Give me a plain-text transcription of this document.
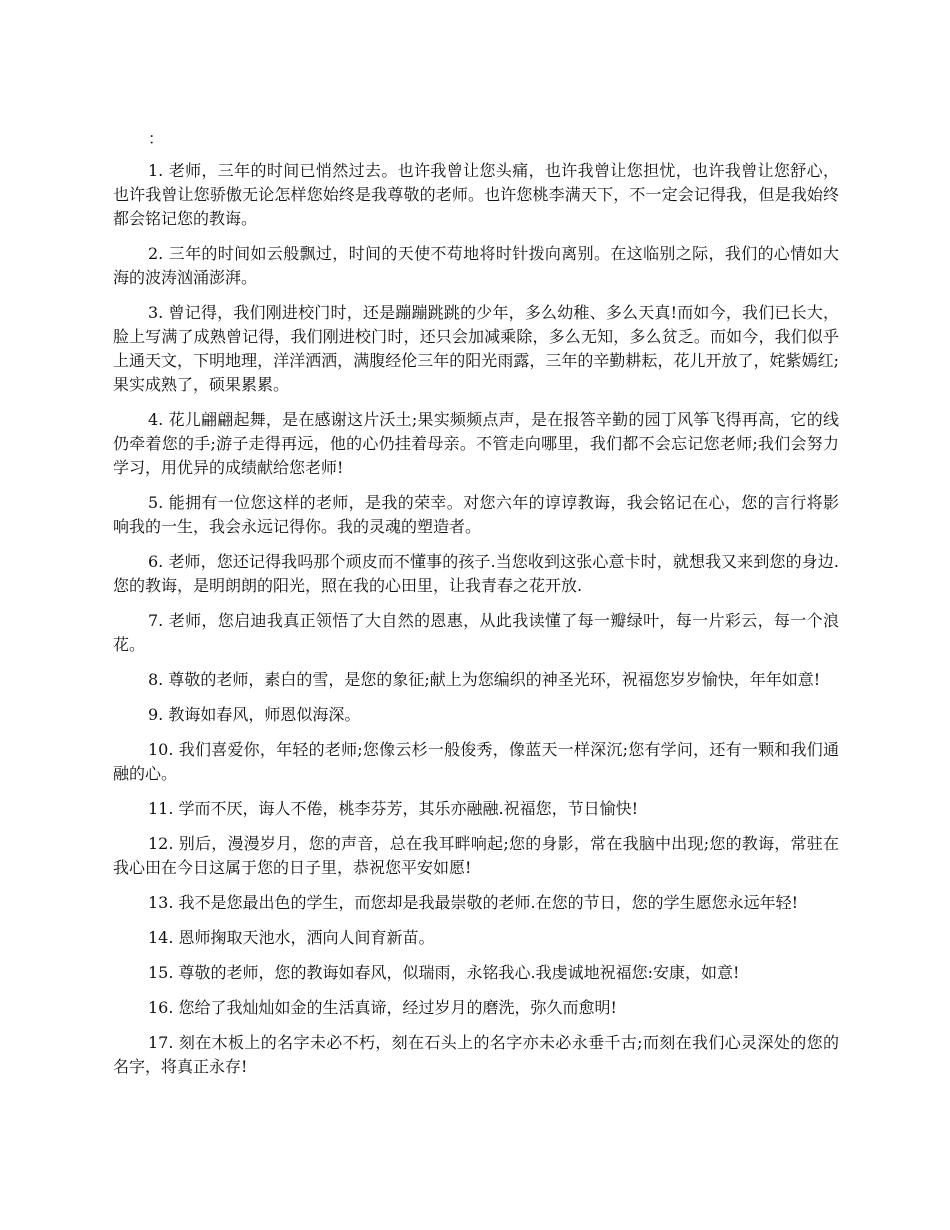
：

1. 老师，三年的时间已悄然过去。也许我曾让您头痛，也许我曾让您担忧，也许我曾让您舒心，也许我曾让您骄傲无论怎样您始终是我尊敬的老师。也许您桃李满天下，不一定会记得我，但是我始终都会铭记您的教诲。

2. 三年的时间如云般飘过，时间的天使不苟地将时针拨向离别。在这临别之际，我们的心情如大海的波涛汹涌澎湃。

3. 曾记得，我们刚进校门时，还是蹦蹦跳跳的少年，多么幼稚、多么天真!而如今，我们已长大，脸上写满了成熟曾记得，我们刚进校门时，还只会加减乘除，多么无知，多么贫乏。而如今，我们似乎上通天文，下明地理，洋洋洒洒，满腹经伦三年的阳光雨露，三年的辛勤耕耘，花儿开放了，姹紫嫣红;果实成熟了，硕果累累。

4. 花儿翩翩起舞，是在感谢这片沃土;果实频频点声，是在报答辛勤的园丁风筝飞得再高，它的线仍牵着您的手;游子走得再远，他的心仍挂着母亲。不管走向哪里，我们都不会忘记您老师;我们会努力学习，用优异的成绩献给您老师!

5. 能拥有一位您这样的老师，是我的荣幸。对您六年的谆谆教诲，我会铭记在心，您的言行将影响我的一生，我会永远记得你。我的灵魂的塑造者。

6. 老师，您还记得我吗那个顽皮而不懂事的孩子.当您收到这张心意卡时，就想我又来到您的身边.您的教诲，是明朗朗的阳光，照在我的心田里，让我青春之花开放.

7. 老师，您启迪我真正领悟了大自然的恩惠，从此我读懂了每一瓣绿叶，每一片彩云，每一个浪花。

8. 尊敬的老师，素白的雪，是您的象征;献上为您编织的神圣光环，祝福您岁岁愉快，年年如意!

9. 教诲如春风，师恩似海深。

10. 我们喜爱你，年轻的老师;您像云杉一般俊秀，像蓝天一样深沉;您有学问，还有一颗和我们通融的心。

11. 学而不厌，诲人不倦，桃李芬芳，其乐亦融融.祝福您，节日愉快!

12. 别后，漫漫岁月，您的声音，总在我耳畔响起;您的身影，常在我脑中出现;您的教诲，常驻在我心田在今日这属于您的日子里，恭祝您平安如愿!

13. 我不是您最出色的学生，而您却是我最崇敬的老师.在您的节日，您的学生愿您永远年轻!

14. 恩师掬取天池水，洒向人间育新苗。

15. 尊敬的老师，您的教诲如春风，似瑞雨，永铭我心.我虔诚地祝福您:安康，如意!

16. 您给了我灿灿如金的生活真谛，经过岁月的磨洗，弥久而愈明!

17. 刻在木板上的名字未必不朽，刻在石头上的名字亦未必永垂千古;而刻在我们心灵深处的您的名字，将真正永存!
